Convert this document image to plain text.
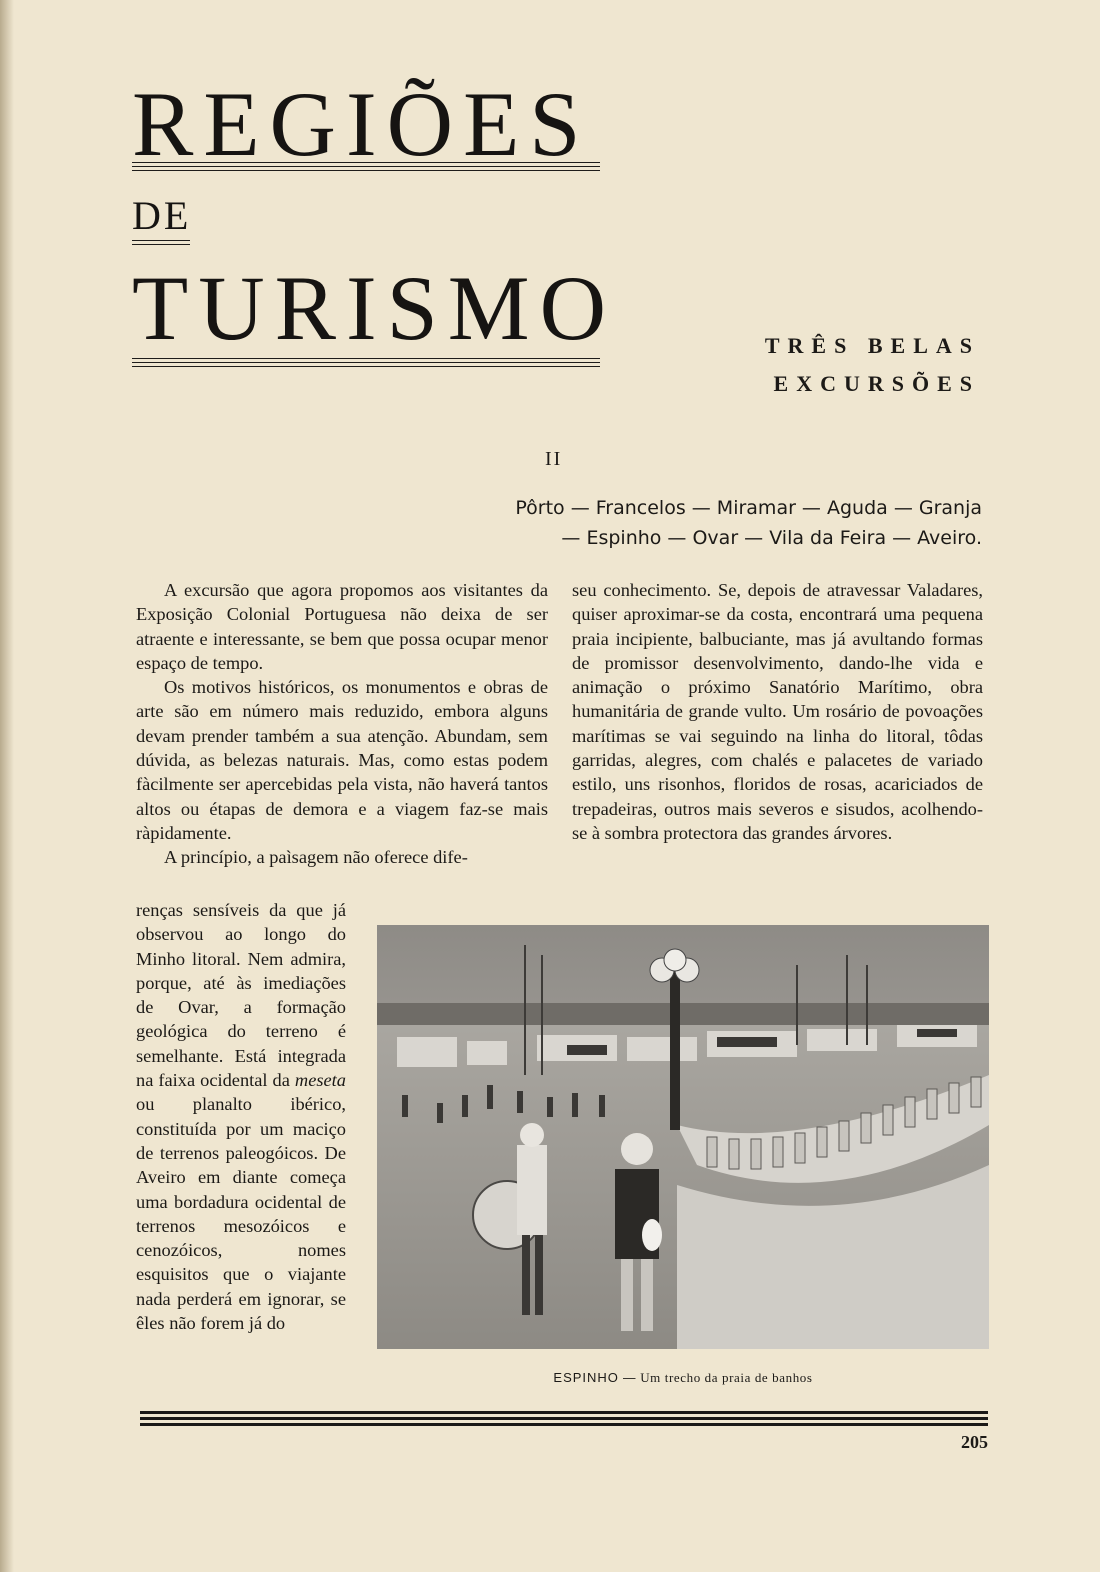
REGIÕES
DE
TURISMO	TRÊS BELAS
EXCURSÕES
II
Pôrto — Francelos — Miramar — Aguda — Granja
— Espinho — Ovar — Vila da Feira — Aveiro.

A excursão que agora propomos aos visitantes da Exposição Colonial Portuguesa não deixa de ser atraente e interessante, se bem que possa ocupar menor espaço de tempo.

Os motivos históricos, os monumentos e obras de arte são em número mais reduzido, embora alguns devam prender também a sua atenção. Abundam, sem dúvida, as belezas naturais. Mas, como estas podem fàcilmente ser apercebidas pela vista, não haverá tantos altos ou étapas de demora e a viagem faz-se mais ràpidamente.

A princípio, a paìsagem não oferece dife-

renças sensíveis da que já observou ao longo do Minho litoral. Nem admira, porque, até às imediações de Ovar, a formação geológica do terreno é semelhante. Está integrada na faixa ocidental da meseta ou planalto ibérico, constituída por um maciço de terrenos paleogóicos. De Aveiro em diante começa uma bordadura ocidental de terrenos mesozóicos e cenozóicos, nomes esquisitos que o viajante nada perderá em ignorar, se êles não forem já do

seu conhecimento. Se, depois de atravessar Valadares, quiser aproximar-se da costa, encontrará uma pequena praia incipiente, balbuciante, mas já avultando formas de promissor desenvolvimento, dando-lhe vida e animação o próximo Sanatório Marítimo, obra humanitária de grande vulto. Um rosário de povoações marítimas se vai seguindo na linha do litoral, tôdas garridas, alegres, com chalés e palacetes de variado estilo, uns risonhos, floridos de rosas, acariciados de trepadeiras, outros mais severos e sisudos, acolhendo-se à sombra protectora das grandes árvores.

ESPINHO — Um trecho da praia de banhos
205
